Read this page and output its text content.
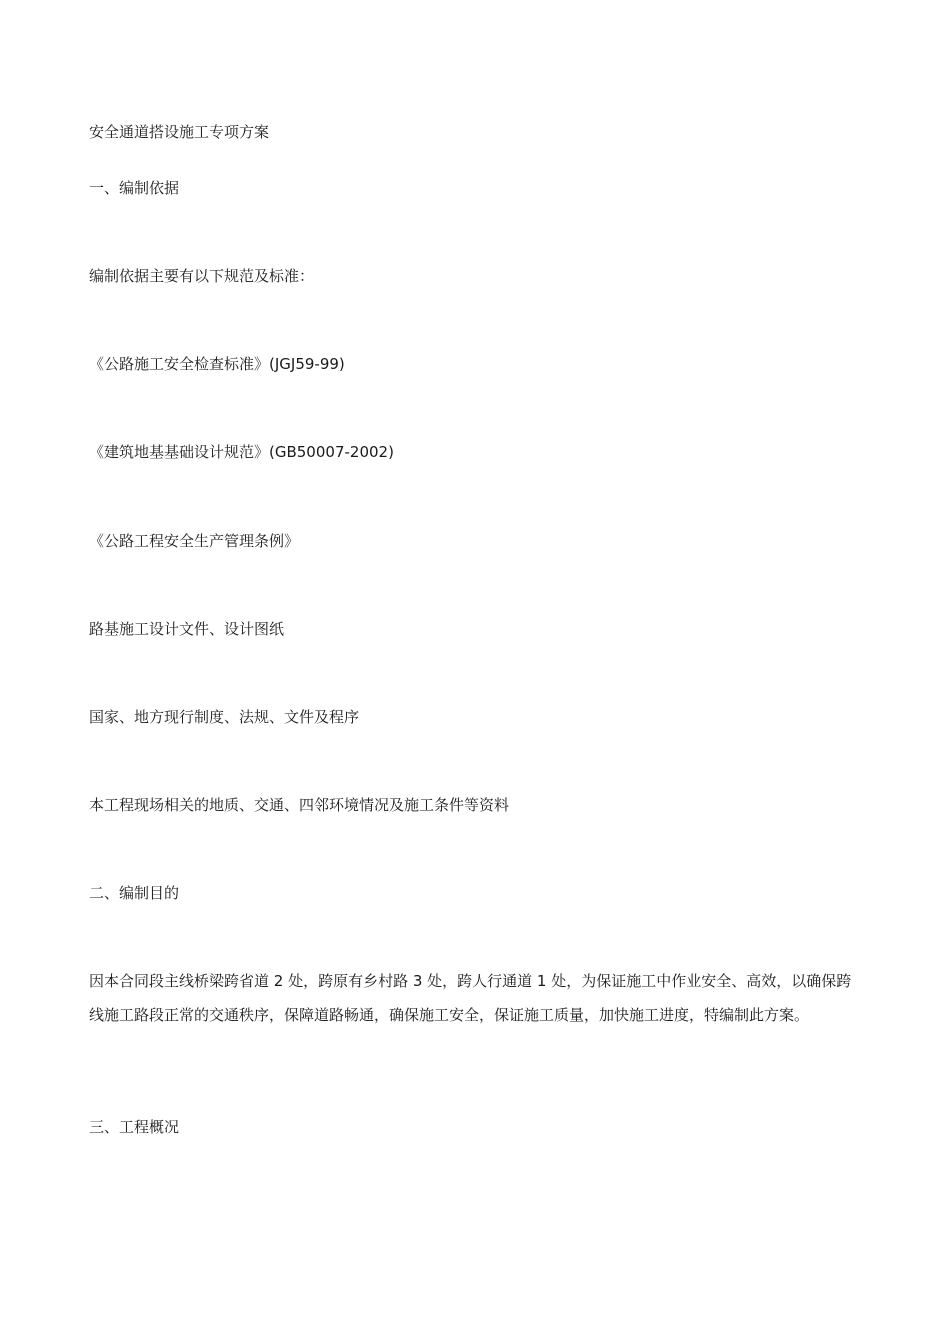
安全通道搭设施工专项方案
一、编制依据
编制依据主要有以下规范及标准：
《公路施工安全检查标准》(JGJ59-99)
《建筑地基基础设计规范》(GB50007-2002)
《公路工程安全生产管理条例》
路基施工设计文件、设计图纸
国家、地方现行制度、法规、文件及程序
本工程现场相关的地质、交通、四邻环境情况及施工条件等资料
二、编制目的
因本合同段主线桥梁跨省道 2 处，跨原有乡村路 3 处，跨人行通道 1 处，为保证施工中作业安全、高效，以确保跨线施工路段正常的交通秩序，保障道路畅通，确保施工安全，保证施工质量，加快施工进度，特编制此方案。
三、工程概况
